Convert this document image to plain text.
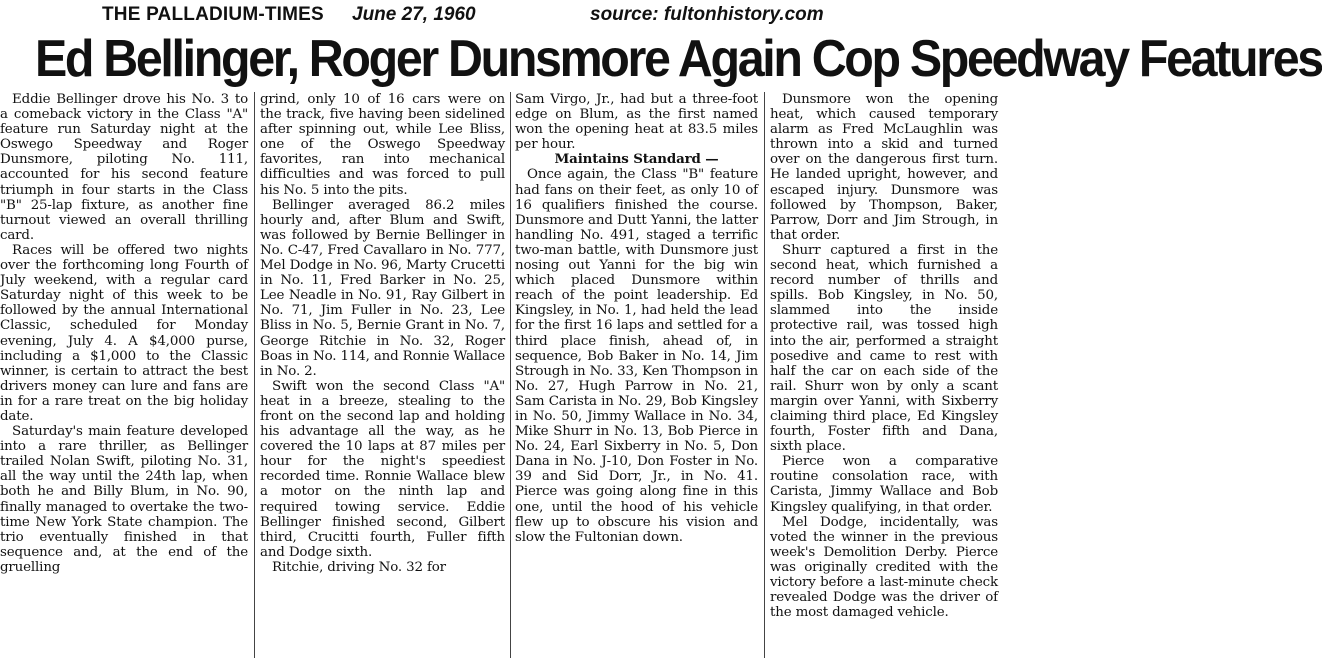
THE PALLADIUM-TIMES June 27, 1960	source: fultonhistory.com
Ed Bellinger, Roger Dunsmore Again Cop Speedway Features

Eddie Bellinger drove his No. 3 to a comeback victory in the Class "A" feature run Saturday night at the Oswego Speedway and Roger Dunsmore, piloting No. 111, accounted for his second feature triumph in four starts in the Class "B" 25-lap fixture, as another fine turnout viewed an overall thrilling card.

Races will be offered two nights over the forthcoming long Fourth of July weekend, with a regular card Saturday night of this week to be followed by the annual International Classic, scheduled for Monday evening, July 4. A $4,000 purse, including a $1,000 to the Classic winner, is certain to attract the best drivers money can lure and fans are in for a rare treat on the big holiday date.

Saturday's main feature developed into a rare thriller, as Bellinger trailed Nolan Swift, piloting No. 31, all the way until the 24th lap, when both he and Billy Blum, in No. 90, finally managed to overtake the two-time New York State champion. The trio eventually finished in that sequence and, at the end of the gruelling

grind, only 10 of 16 cars were on the track, five having been sidelined after spinning out, while Lee Bliss, one of the Oswego Speedway favorites, ran into mechanical difficulties and was forced to pull his No. 5 into the pits.

Bellinger averaged 86.2 miles hourly and, after Blum and Swift, was followed by Bernie Bellinger in No. C-47, Fred Cavallaro in No. 777, Mel Dodge in No. 96, Marty Crucetti in No. 11, Fred Barker in No. 25, Lee Neadle in No. 91, Ray Gilbert in No. 71, Jim Fuller in No. 23, Lee Bliss in No. 5, Bernie Grant in No. 7, George Ritchie in No. 32, Roger Boas in No. 114, and Ronnie Wallace in No. 2.

Swift won the second Class "A" heat in a breeze, stealing to the front on the second lap and holding his advantage all the way, as he covered the 10 laps at 87 miles per hour for the night's speediest recorded time. Ronnie Wallace blew a motor on the ninth lap and required towing service. Eddie Bellinger finished second, Gilbert third, Crucitti fourth, Fuller fifth and Dodge sixth.

Ritchie, driving No. 32 for

Sam Virgo, Jr., had but a three-foot edge on Blum, as the first named won the opening heat at 83.5 miles per hour.

Maintains Standard —

Once again, the Class "B" feature had fans on their feet, as only 10 of 16 qualifiers finished the course. Dunsmore and Dutt Yanni, the latter handling No. 491, staged a terrific two-man battle, with Dunsmore just nosing out Yanni for the big win which placed Dunsmore within reach of the point leadership. Ed Kingsley, in No. 1, had held the lead for the first 16 laps and settled for a third place finish, ahead of, in sequence, Bob Baker in No. 14, Jim Strough in No. 33, Ken Thompson in No. 27, Hugh Parrow in No. 21, Sam Carista in No. 29, Bob Kingsley in No. 50, Jimmy Wallace in No. 34, Mike Shurr in No. 13, Bob Pierce in No. 24, Earl Sixberry in No. 5, Don Dana in No. J-10, Don Foster in No. 39 and Sid Dorr, Jr., in No. 41. Pierce was going along fine in this one, until the hood of his vehicle flew up to obscure his vision and slow the Fultonian down.

Dunsmore won the opening heat, which caused temporary alarm as Fred McLaughlin was thrown into a skid and turned over on the dangerous first turn. He landed upright, however, and escaped injury. Dunsmore was followed by Thompson, Baker, Parrow, Dorr and Jim Strough, in that order.

Shurr captured a first in the second heat, which furnished a record number of thrills and spills. Bob Kingsley, in No. 50, slammed into the inside protective rail, was tossed high into the air, performed a straight posedive and came to rest with half the car on each side of the rail. Shurr won by only a scant margin over Yanni, with Sixberry claiming third place, Ed Kingsley fourth, Foster fifth and Dana, sixth place.

Pierce won a comparative routine consolation race, with Carista, Jimmy Wallace and Bob Kingsley qualifying, in that order.

Mel Dodge, incidentally, was voted the winner in the previous week's Demolition Derby. Pierce was originally credited with the victory before a last-minute check revealed Dodge was the driver of the most damaged vehicle.
